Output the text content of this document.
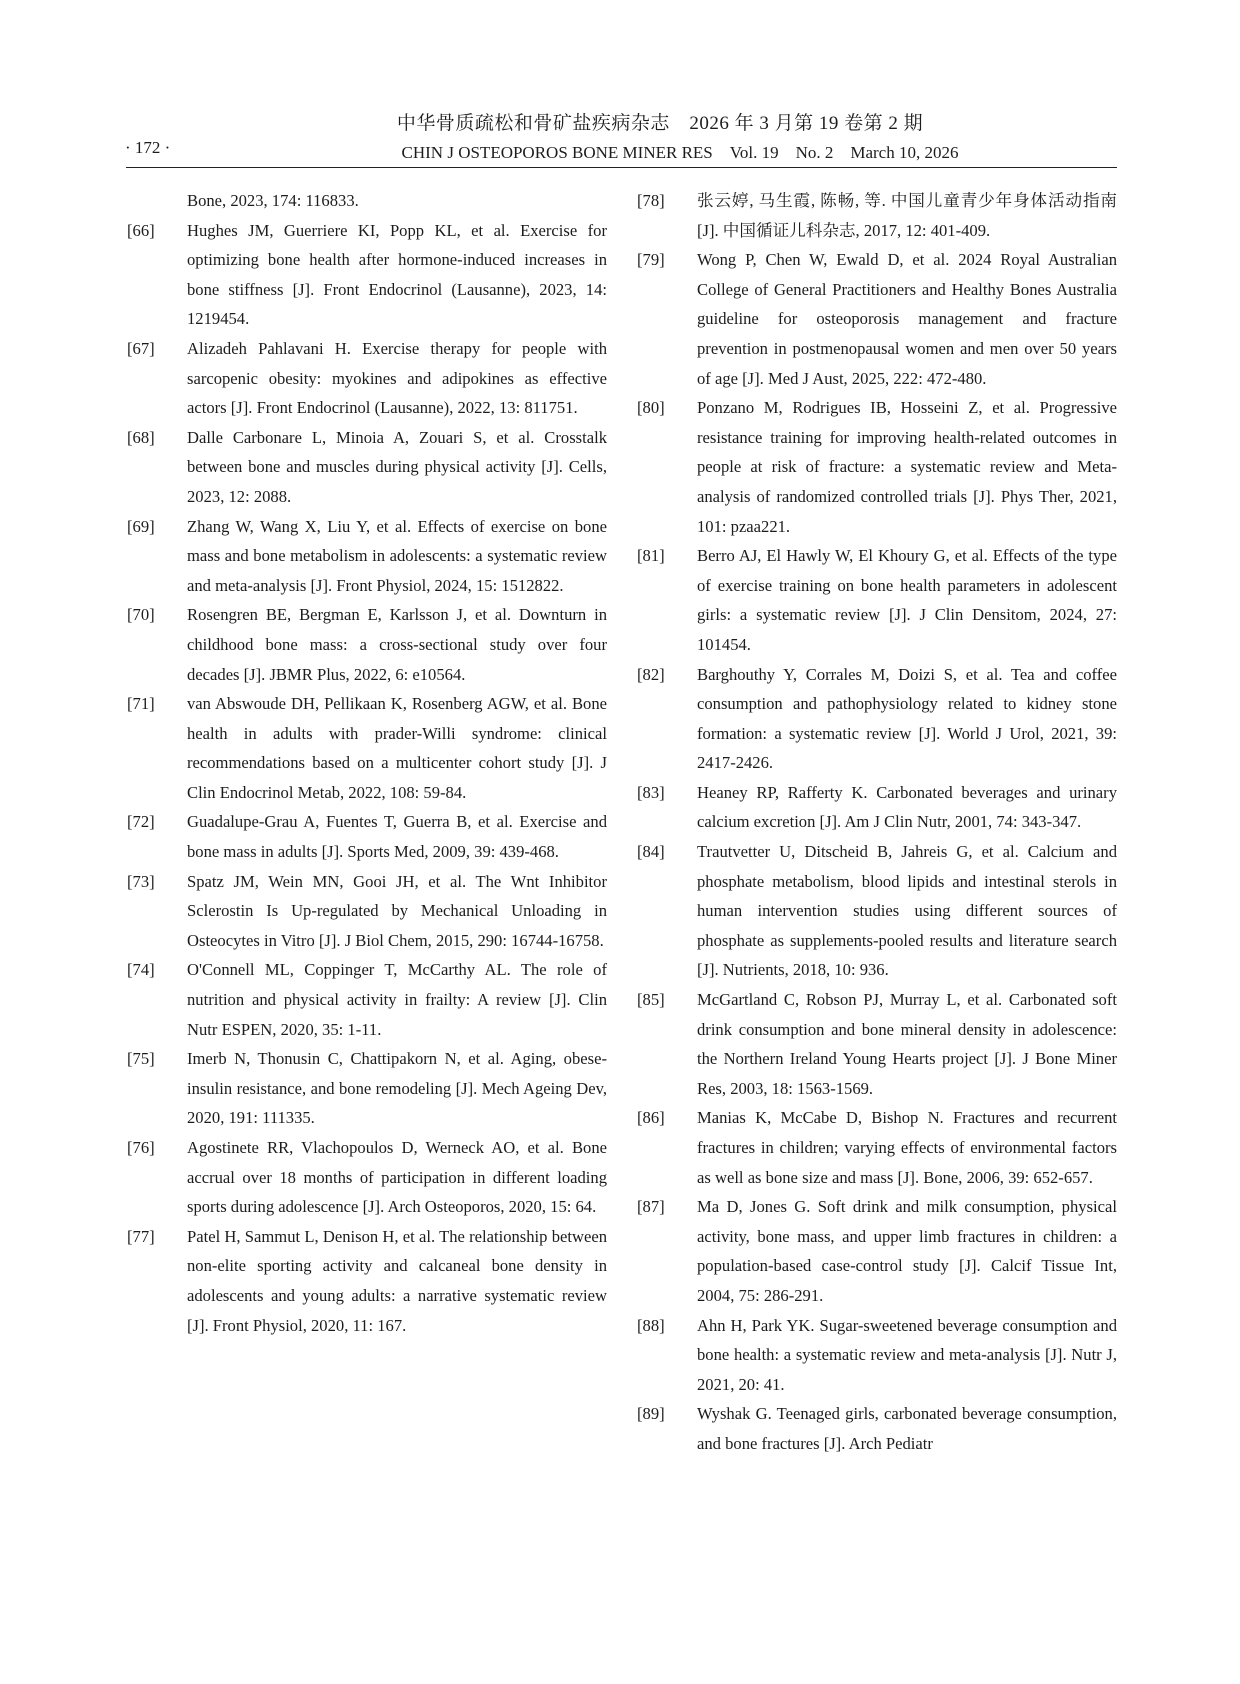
中华骨质疏松和骨矿盐疾病杂志　2026 年 3 月第 19 卷第 2 期
· 172 ·	CHIN J OSTEOPOROS BONE MINER RES　Vol. 19　No. 2　March 10, 2026

Bone, 2023, 174: 116833.

[66] Hughes JM, Guerriere KI, Popp KL, et al. Exercise for optimizing bone health after hormone-induced increases in bone stiffness [J]. Front Endocrinol (Lausanne), 2023, 14: 1219454.

[67] Alizadeh Pahlavani H. Exercise therapy for people with sarcopenic obesity: myokines and adipokines as effective actors [J]. Front Endocrinol (Lausanne), 2022, 13: 811751.

[68] Dalle Carbonare L, Minoia A, Zouari S, et al. Crosstalk between bone and muscles during physical activity [J]. Cells, 2023, 12: 2088.

[69] Zhang W, Wang X, Liu Y, et al. Effects of exercise on bone mass and bone metabolism in adolescents: a systematic review and meta-analysis [J]. Front Physiol, 2024, 15: 1512822.

[70] Rosengren BE, Bergman E, Karlsson J, et al. Downturn in childhood bone mass: a cross-sectional study over four decades [J]. JBMR Plus, 2022, 6: e10564.

[71] van Abswoude DH, Pellikaan K, Rosenberg AGW, et al. Bone health in adults with prader-Willi syndrome: clinical recommendations based on a multicenter cohort study [J]. J Clin Endocrinol Metab, 2022, 108: 59-84.

[72] Guadalupe-Grau A, Fuentes T, Guerra B, et al. Exercise and bone mass in adults [J]. Sports Med, 2009, 39: 439-468.

[73] Spatz JM, Wein MN, Gooi JH, et al. The Wnt Inhibitor Sclerostin Is Up-regulated by Mechanical Unloading in Osteocytes in Vitro [J]. J Biol Chem, 2015, 290: 16744-16758.

[74] O'Connell ML, Coppinger T, McCarthy AL. The role of nutrition and physical activity in frailty: A review [J]. Clin Nutr ESPEN, 2020, 35: 1-11.

[75] Imerb N, Thonusin C, Chattipakorn N, et al. Aging, obese-insulin resistance, and bone remodeling [J]. Mech Ageing Dev, 2020, 191: 111335.

[76] Agostinete RR, Vlachopoulos D, Werneck AO, et al. Bone accrual over 18 months of participation in different loading sports during adolescence [J]. Arch Osteoporos, 2020, 15: 64.

[77] Patel H, Sammut L, Denison H, et al. The relationship between non-elite sporting activity and calcaneal bone density in adolescents and young adults: a narrative systematic review [J]. Front Physiol, 2020, 11: 167.

[78] 张云婷, 马生霞, 陈畅, 等. 中国儿童青少年身体活动指南 [J]. 中国循证儿科杂志, 2017, 12: 401-409.

[79] Wong P, Chen W, Ewald D, et al. 2024 Royal Australian College of General Practitioners and Healthy Bones Australia guideline for osteoporosis management and fracture prevention in postmenopausal women and men over 50 years of age [J]. Med J Aust, 2025, 222: 472-480.

[80] Ponzano M, Rodrigues IB, Hosseini Z, et al. Progressive resistance training for improving health-related outcomes in people at risk of fracture: a systematic review and Meta-analysis of randomized controlled trials [J]. Phys Ther, 2021, 101: pzaa221.

[81] Berro AJ, El Hawly W, El Khoury G, et al. Effects of the type of exercise training on bone health parameters in adolescent girls: a systematic review [J]. J Clin Densitom, 2024, 27: 101454.

[82] Barghouthy Y, Corrales M, Doizi S, et al. Tea and coffee consumption and pathophysiology related to kidney stone formation: a systematic review [J]. World J Urol, 2021, 39: 2417-2426.

[83] Heaney RP, Rafferty K. Carbonated beverages and urinary calcium excretion [J]. Am J Clin Nutr, 2001, 74: 343-347.

[84] Trautvetter U, Ditscheid B, Jahreis G, et al. Calcium and phosphate metabolism, blood lipids and intestinal sterols in human intervention studies using different sources of phosphate as supplements-pooled results and literature search [J]. Nutrients, 2018, 10: 936.

[85] McGartland C, Robson PJ, Murray L, et al. Carbonated soft drink consumption and bone mineral density in adolescence: the Northern Ireland Young Hearts project [J]. J Bone Miner Res, 2003, 18: 1563-1569.

[86] Manias K, McCabe D, Bishop N. Fractures and recurrent fractures in children; varying effects of environmental factors as well as bone size and mass [J]. Bone, 2006, 39: 652-657.

[87] Ma D, Jones G. Soft drink and milk consumption, physical activity, bone mass, and upper limb fractures in children: a population-based case-control study [J]. Calcif Tissue Int, 2004, 75: 286-291.

[88] Ahn H, Park YK. Sugar-sweetened beverage consumption and bone health: a systematic review and meta-analysis [J]. Nutr J, 2021, 20: 41.

[89] Wyshak G. Teenaged girls, carbonated beverage consumption, and bone fractures [J]. Arch Pediatr
